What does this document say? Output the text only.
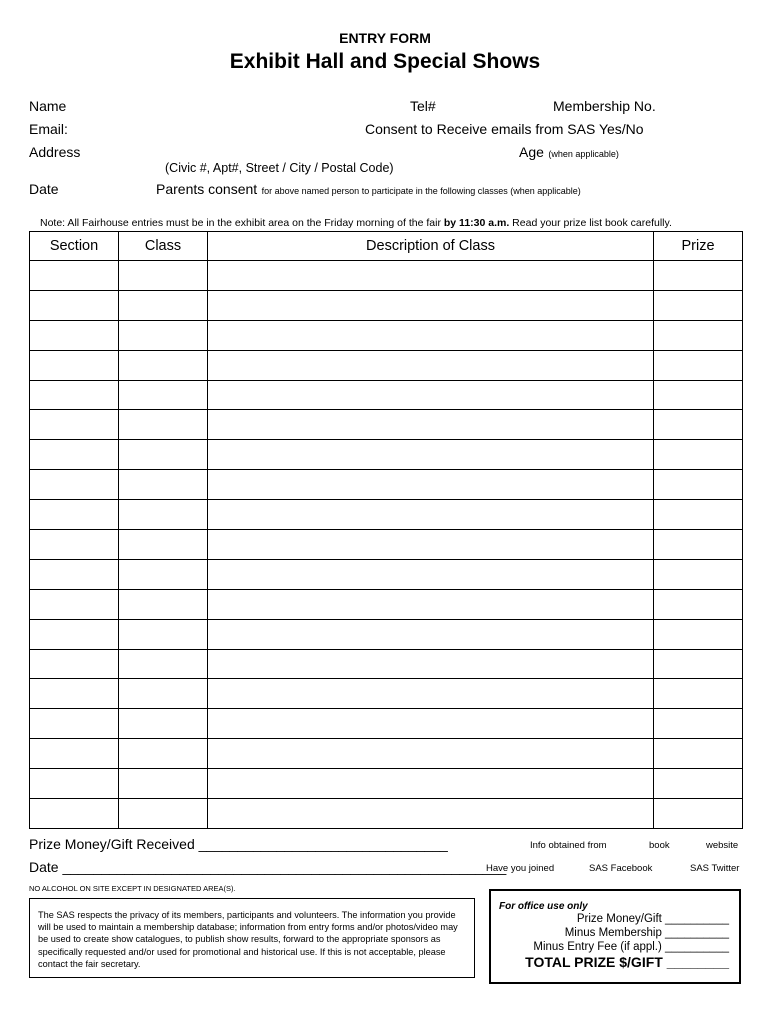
ENTRY FORM
Exhibit Hall and Special Shows
Name	Tel#	Membership No.
Email:	Consent to Receive emails from SAS Yes/No
Address	Age (when applicable)
(Civic #, Apt#, Street / City / Postal Code)
Date	Parents consent for above named person to participate in the following classes (when applicable)
Note: All Fairhouse entries must be in the exhibit area on the Friday morning of the fair by 11:30 a.m. Read your prize list book carefully.
Section	Class	Description of Class	Prize

Prize Money/Gift Received ________________________________	Info obtained from	book	website
Date _________________________________________________________
Have you joined	SAS Facebook	SAS Twitter
NO ALCOHOL ON SITE EXCEPT IN DESIGNATED AREA(S).
The SAS respects the privacy of its members, participants and volunteers. The information you provide will be used to maintain a membership database; information from entry forms and/or photos/video may be used to create show catalogues, to publish show results, forward to the appropriate sponsors as specifically requested and/or used for promotional and historical use. If this is not acceptable, please contact the fair secretary.
For office use only
Prize Money/Gift __________
Minus Membership __________
Minus Entry Fee (if appl.) __________
TOTAL PRIZE $/GIFT ________
